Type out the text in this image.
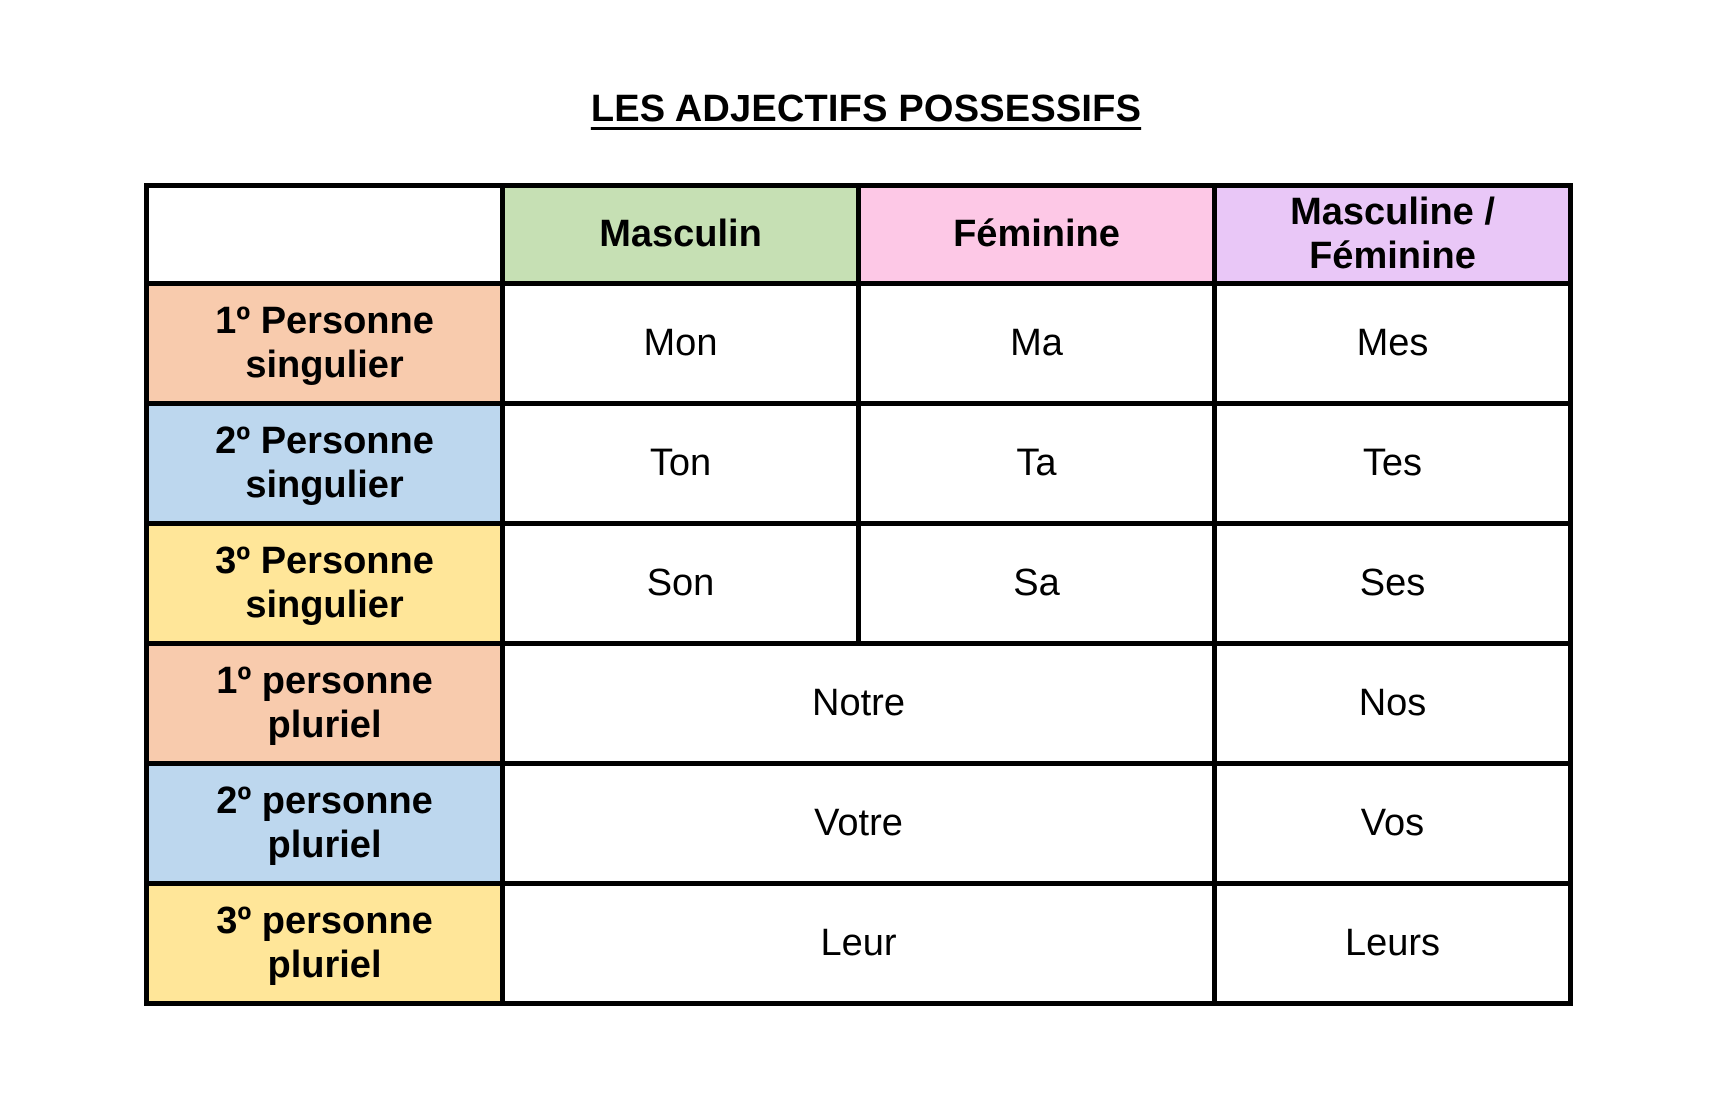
LES ADJECTIFS POSSESSIFS
	Masculin	Féminine	Masculine /
Féminine

1º Personne
singulier	Mon	Ma	Mes

2º Personne
singulier	Ton	Ta	Tes

3º Personne
singulier	Son	Sa	Ses

1º personne
pluriel	Notre		Nos

2º personne
pluriel	Votre		Vos

3º personne
pluriel	Leur		Leurs
